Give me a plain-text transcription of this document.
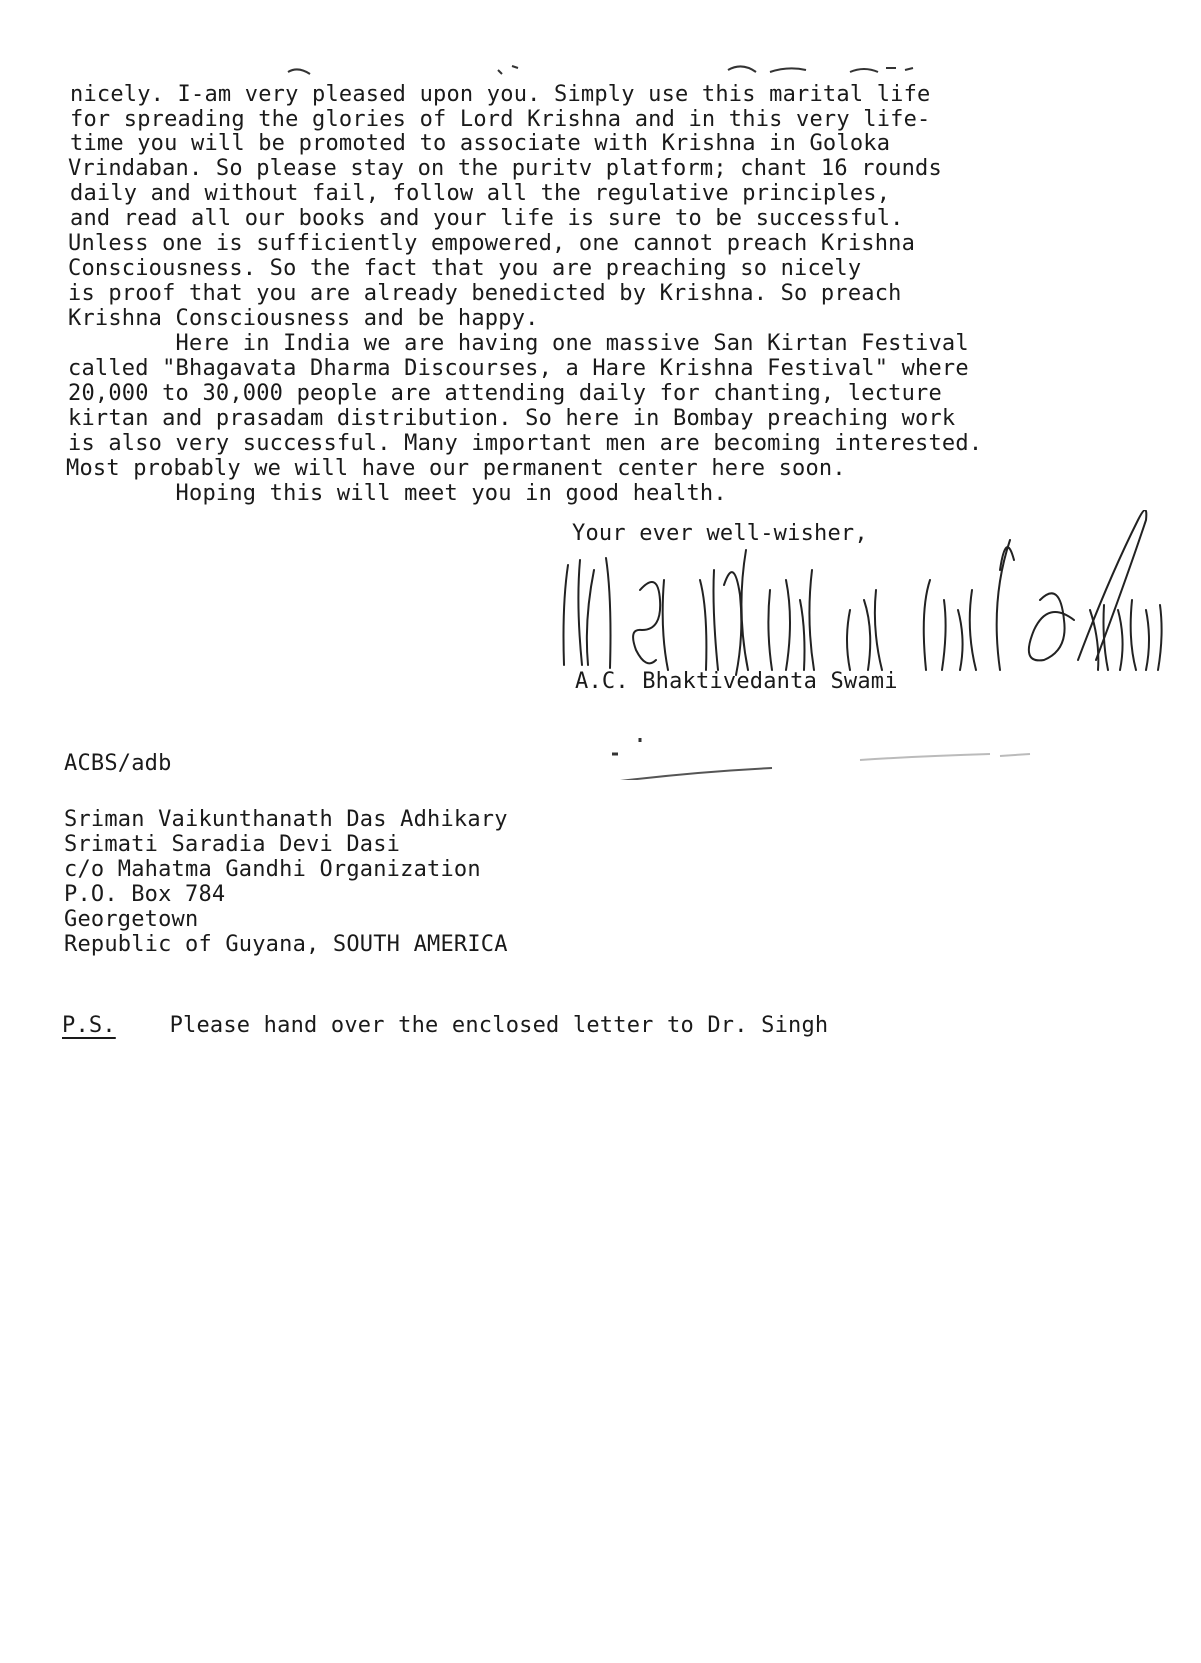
nicely. I-am very pleased upon you. Simply use this marital life
for spreading the glories of Lord Krishna and in this very life-
time you will be promoted to associate with Krishna in Goloka
Vrindaban. So please stay on the puritv platform; chant 16 rounds
daily and without fail, follow all the regulative principles,
and read all our books and your life is sure to be successful.
Unless one is sufficiently empowered, one cannot preach Krishna
Consciousness. So the fact that you are preaching so nicely
is proof that you are already benedicted by Krishna. So preach
Krishna Consciousness and be happy.
Here in India we are having one massive San Kirtan Festival
called "Bhagavata Dharma Discourses, a Hare Krishna Festival" where
20,000 to 30,000 people are attending daily for chanting, lecture
kirtan and prasadam distribution. So here in Bombay preaching work
is also very successful. Many important men are becoming interested.
Most probably we will have our permanent center here soon.
Hoping this will meet you in good health.
Your ever well-wisher,
A.C. Bhaktivedanta Swami
ACBS/adb
Sriman Vaikunthanath Das Adhikary
Srimati Saradia Devi Dasi
c/o Mahatma Gandhi Organization
P.O. Box 784
Georgetown
Republic of Guyana, SOUTH AMERICA
P.S. Please hand over the enclosed letter to Dr. Singh
